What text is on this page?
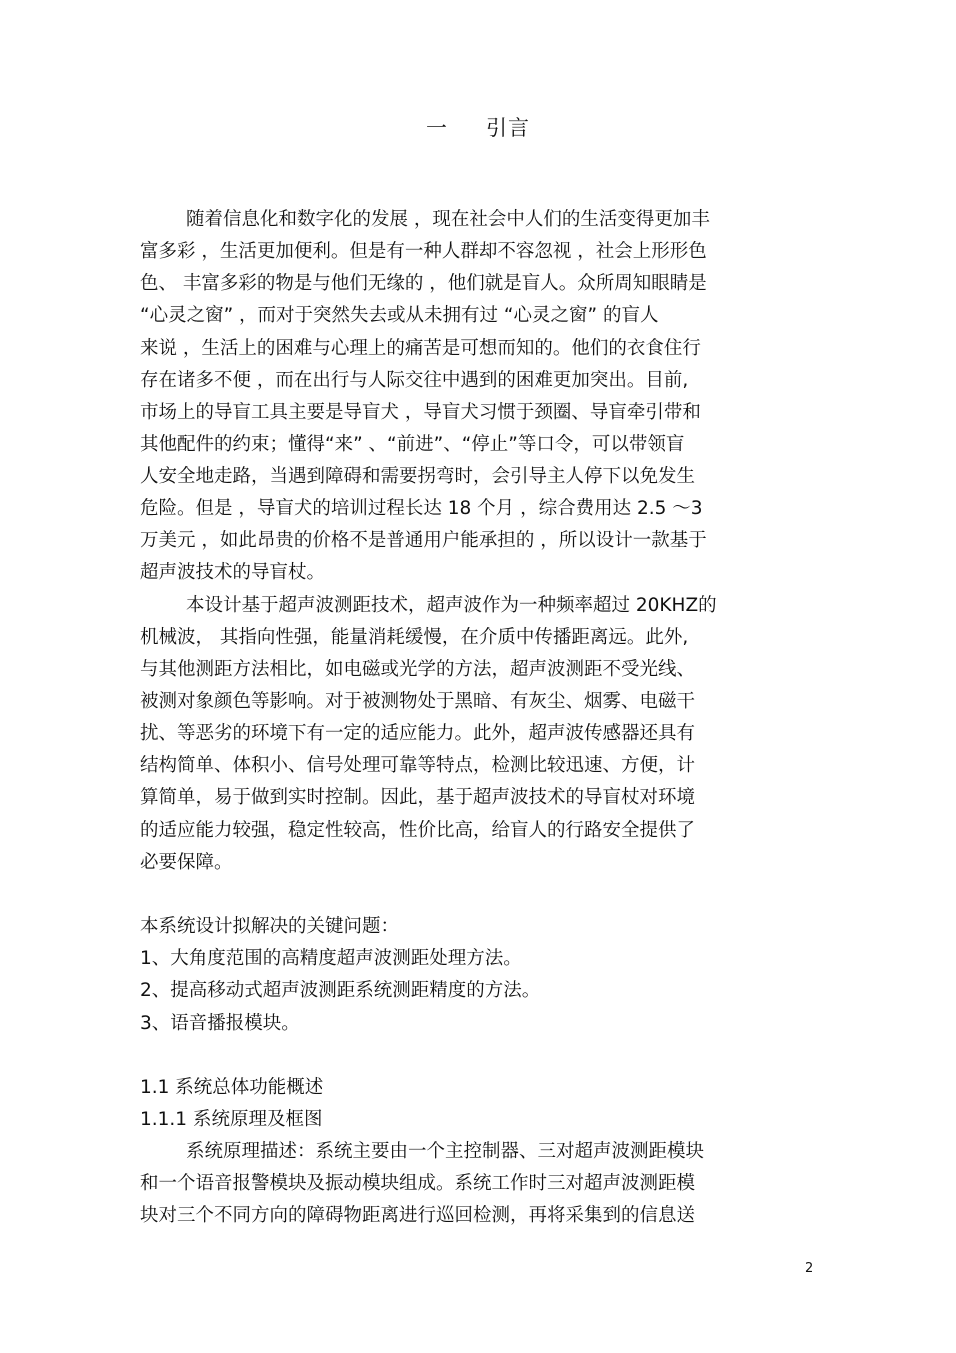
一 引言
随着信息化和数字化的发展 ，现在社会中人们的生活变得更加丰
富多彩 ，生活更加便利。但是有一种人群却不容忽视 ，社会上形形色
色、 丰富多彩的物是与他们无缘的 ，他们就是盲人。众所周知眼睛是
“心灵之窗” ，而对于突然失去或从未拥有过 “心灵之窗” 的盲人
来说 ，生活上的困难与心理上的痛苦是可想而知的。他们的衣食住行
存在诸多不便 ，而在出行与人际交往中遇到的困难更加突出。目前,
市场上的导盲工具主要是导盲犬 ，导盲犬习惯于颈圈、导盲牵引带和
其他配件的约束；懂得“来” 、“前进”、“停止”等口令，可以带领盲
人安全地走路，当遇到障碍和需要拐弯时，会引导主人停下以免发生
危险。但是 ，导盲犬的培训过程长达 18 个月 ，综合费用达 2.5 ～3
万美元 ，如此昂贵的价格不是普通用户能承担的 ，所以设计一款基于
超声波技术的导盲杖。
本设计基于超声波测距技术，超声波作为一种频率超过 20KHZ的
机械波， 其指向性强，能量消耗缓慢，在介质中传播距离远。此外,
与其他测距方法相比，如电磁或光学的方法，超声波测距不受光线、
被测对象颜色等影响。对于被测物处于黑暗、有灰尘、烟雾、电磁干
扰、等恶劣的环境下有一定的适应能力。此外，超声波传感器还具有
结构简单、体积小、信号处理可靠等特点，检测比较迅速、方便，计
算简单，易于做到实时控制。因此，基于超声波技术的导盲杖对环境
的适应能力较强，稳定性较高，性价比高，给盲人的行路安全提供了
必要保障。
本系统设计拟解决的关键问题：
1、大角度范围的高精度超声波测距处理方法。
2、提高移动式超声波测距系统测距精度的方法。
3、语音播报模块。
1.1 系统总体功能概述
1.1.1 系统原理及框图
系统原理描述：系统主要由一个主控制器、三对超声波测距模块
和一个语音报警模块及振动模块组成。系统工作时三对超声波测距模
块对三个不同方向的障碍物距离进行巡回检测，再将采集到的信息送
2
